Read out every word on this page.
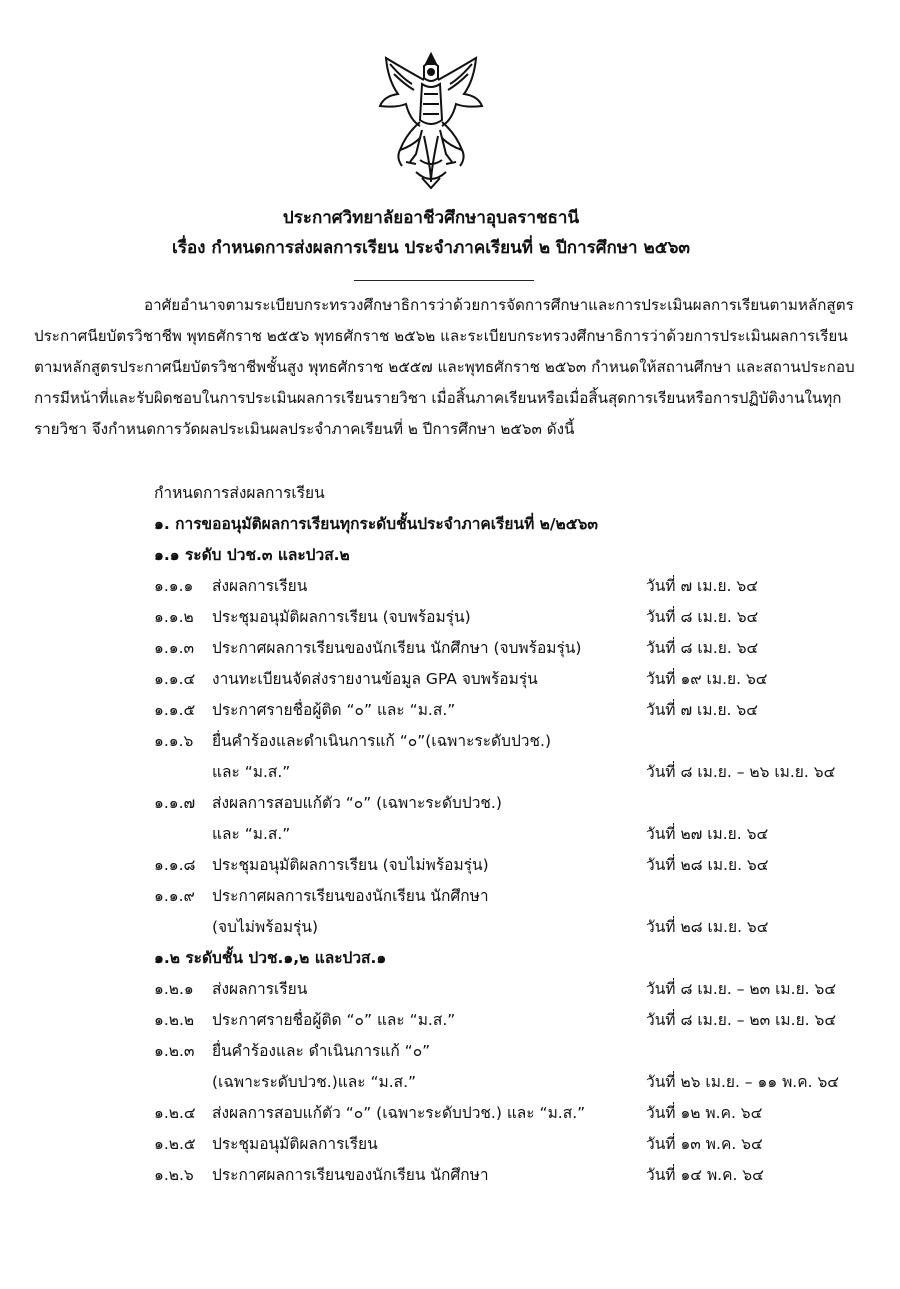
ประกาศวิทยาลัยอาชีวศึกษาอุบลราชธานี
เรื่อง กำหนดการส่งผลการเรียน ประจำภาคเรียนที่ ๒ ปีการศึกษา ๒๕๖๓
อาศัยอำนาจตามระเบียบกระทรวงศึกษาธิการว่าด้วยการจัดการศึกษาและการประเมินผลการเรียนตามหลักสูตรประกาศนียบัตรวิชาชีพ พุทธศักราช ๒๕๕๖ พุทธศักราช ๒๕๖๒ และระเบียบกระทรวงศึกษาธิการว่าด้วยการประเมินผลการเรียนตามหลักสูตรประกาศนียบัตรวิชาชีพชั้นสูง พุทธศักราช ๒๕๕๗ และพุทธศักราช ๒๕๖๓ กำหนดให้สถานศึกษา และสถานประกอบการมีหน้าที่และรับผิดชอบในการประเมินผลการเรียนรายวิชา เมื่อสิ้นภาคเรียนหรือเมื่อสิ้นสุดการเรียนหรือการปฏิบัติงานในทุกรายวิชา จึงกำหนดการวัดผลประเมินผลประจำภาคเรียนที่ ๒ ปีการศึกษา ๒๕๖๓ ดังนี้
กำหนดการส่งผลการเรียน
๑. การขออนุมัติผลการเรียนทุกระดับชั้นประจำภาคเรียนที่ ๒/๒๕๖๓
๑.๑ ระดับ ปวช.๓ และปวส.๒
๑.๑.๑ ส่งผลการเรียน	วันที่ ๗ เม.ย. ๖๔
๑.๑.๒ ประชุมอนุมัติผลการเรียน (จบพร้อมรุ่น)	วันที่ ๘ เม.ย. ๖๔
๑.๑.๓ ประกาศผลการเรียนของนักเรียน นักศึกษา (จบพร้อมรุ่น)	วันที่ ๘ เม.ย. ๖๔
๑.๑.๔ งานทะเบียนจัดส่งรายงานข้อมูล GPA จบพร้อมรุ่น	วันที่ ๑๙ เม.ย. ๖๔
๑.๑.๕ ประกาศรายชื่อผู้ติด “๐” และ “ม.ส.”	วันที่ ๗ เม.ย. ๖๔
๑.๑.๖ ยื่นคำร้องและดำเนินการแก้ “๐”(เฉพาะระดับปวช.)
และ “ม.ส.”	วันที่ ๘ เม.ย. – ๒๖ เม.ย. ๖๔
๑.๑.๗ ส่งผลการสอบแก้ตัว “๐” (เฉพาะระดับปวช.)
และ “ม.ส.”	วันที่ ๒๗ เม.ย. ๖๔
๑.๑.๘ ประชุมอนุมัติผลการเรียน (จบไม่พร้อมรุ่น)	วันที่ ๒๘ เม.ย. ๖๔
๑.๑.๙ ประกาศผลการเรียนของนักเรียน นักศึกษา
(จบไม่พร้อมรุ่น)	วันที่ ๒๘ เม.ย. ๖๔
๑.๒ ระดับชั้น ปวช.๑,๒ และปวส.๑
๑.๒.๑ ส่งผลการเรียน	วันที่ ๘ เม.ย. – ๒๓ เม.ย. ๖๔
๑.๒.๒ ประกาศรายชื่อผู้ติด “๐” และ “ม.ส.”	วันที่ ๘ เม.ย. – ๒๓ เม.ย. ๖๔
๑.๒.๓ ยื่นคำร้องและ ดำเนินการแก้ “๐”
(เฉพาะระดับปวช.)และ “ม.ส.”	วันที่ ๒๖ เม.ย. – ๑๑ พ.ค. ๖๔
๑.๒.๔ ส่งผลการสอบแก้ตัว “๐” (เฉพาะระดับปวช.) และ “ม.ส.”	วันที่ ๑๒ พ.ค. ๖๔
๑.๒.๕ ประชุมอนุมัติผลการเรียน	วันที่ ๑๓ พ.ค. ๖๔
๑.๒.๖ ประกาศผลการเรียนของนักเรียน นักศึกษา	วันที่ ๑๔ พ.ค. ๖๔
